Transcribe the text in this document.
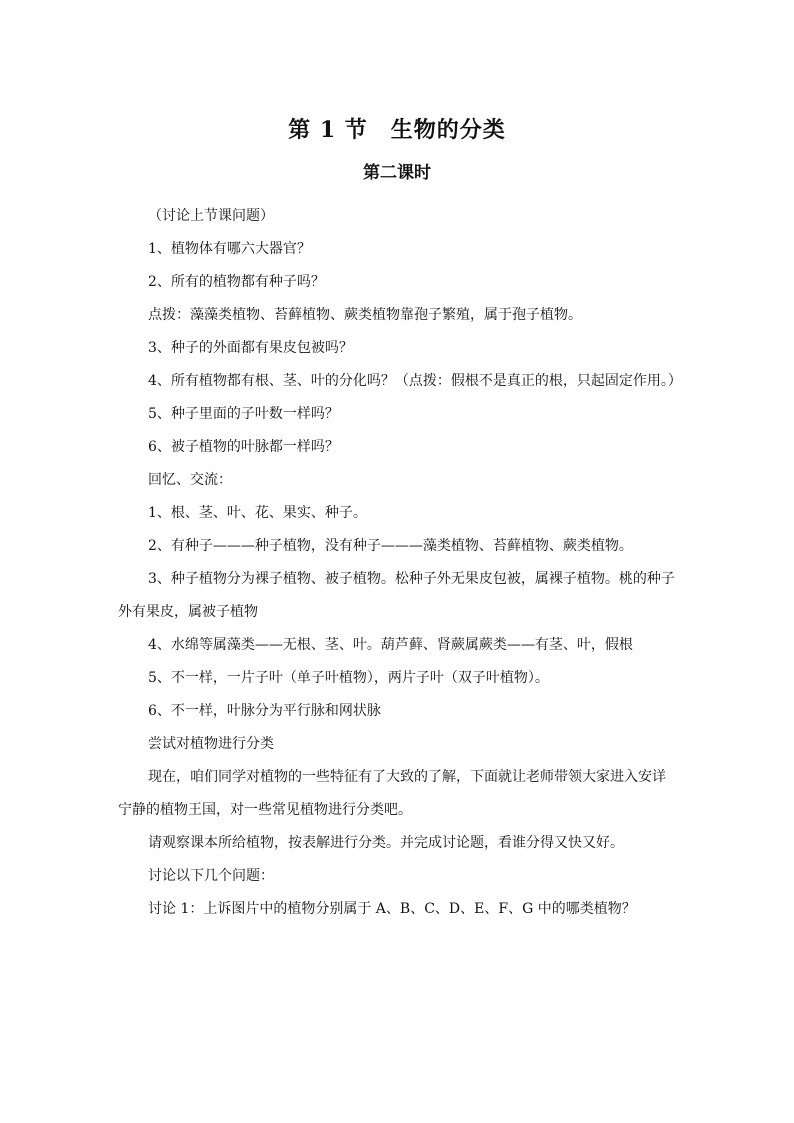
第 1 节　生物的分类
第二课时

（讨论上节课问题）

1、植物体有哪六大器官？

2、所有的植物都有种子吗？

点拨：藻藻类植物、苔藓植物、蕨类植物靠孢子繁殖，属于孢子植物。

3、种子的外面都有果皮包被吗？

4、所有植物都有根、茎、叶的分化吗？（点拨：假根不是真正的根，只起固定作用。）

5、种子里面的子叶数一样吗？

6、被子植物的叶脉都一样吗？

回忆、交流：

1、根、茎、叶、花、果实、种子。

2、有种子———种子植物，没有种子———藻类植物、苔藓植物、蕨类植物。

3、种子植物分为裸子植物、被子植物。松种子外无果皮包被，属裸子植物。桃的种子外有果皮，属被子植物

4、水绵等属藻类——无根、茎、叶。葫芦藓、肾蕨属蕨类——有茎、叶，假根

5、不一样，一片子叶（单子叶植物），两片子叶（双子叶植物）。

6、不一样，叶脉分为平行脉和网状脉

尝试对植物进行分类

现在，咱们同学对植物的一些特征有了大致的了解，下面就让老师带领大家进入安详宁静的植物王国，对一些常见植物进行分类吧。

请观察课本所给植物，按表解进行分类。并完成讨论题，看谁分得又快又好。

讨论以下几个问题：

讨论 1：上诉图片中的植物分别属于 A、B、C、D、E、F、G 中的哪类植物？
